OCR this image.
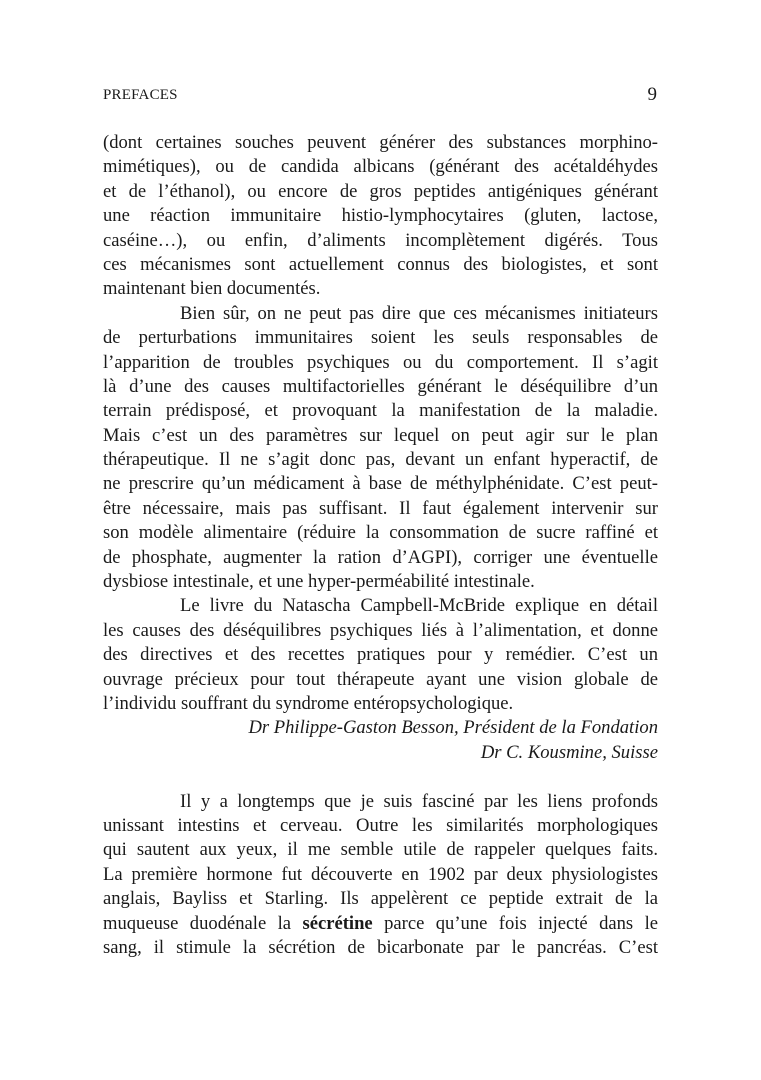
PREFACES	9
(dont certaines souches peuvent générer des substances morphino-
mimétiques), ou de candida albicans (générant des acétaldéhydes
et de l’éthanol), ou encore de gros peptides antigéniques générant
une réaction immunitaire histio-lymphocytaires (gluten, lactose,
caséine…), ou enfin, d’aliments incomplètement digérés. Tous
ces mécanismes sont actuellement connus des biologistes, et sont
maintenant bien documentés.
Bien sûr, on ne peut pas dire que ces mécanismes initiateurs
de perturbations immunitaires soient les seuls responsables de
l’apparition de troubles psychiques ou du comportement. Il s’agit
là d’une des causes multifactorielles générant le déséquilibre d’un
terrain prédisposé, et provoquant la manifestation de la maladie.
Mais c’est un des paramètres sur lequel on peut agir sur le plan
thérapeutique. Il ne s’agit donc pas, devant un enfant hyperactif, de
ne prescrire qu’un médicament à base de méthylphénidate. C’est peut-
être nécessaire, mais pas suffisant. Il faut également intervenir sur
son modèle alimentaire (réduire la consommation de sucre raffiné et
de phosphate, augmenter la ration d’AGPI), corriger une éventuelle
dysbiose intestinale, et une hyper-perméabilité intestinale.
Le livre du Natascha Campbell-McBride explique en détail
les causes des déséquilibres psychiques liés à l’alimentation, et donne
des directives et des recettes pratiques pour y remédier. C’est un
ouvrage précieux pour tout thérapeute ayant une vision globale de
l’individu souffrant du syndrome entéropsychologique.
Dr Philippe-Gaston Besson, Président de la Fondation
Dr C. Kousmine, Suisse
Il y a longtemps que je suis fasciné par les liens profonds
unissant intestins et cerveau. Outre les similarités morphologiques
qui sautent aux yeux, il me semble utile de rappeler quelques faits.
La première hormone fut découverte en 1902 par deux physiologistes
anglais, Bayliss et Starling. Ils appelèrent ce peptide extrait de la
muqueuse duodénale la sécrétine parce qu’une fois injecté dans le
sang, il stimule la sécrétion de bicarbonate par le pancréas. C’est
